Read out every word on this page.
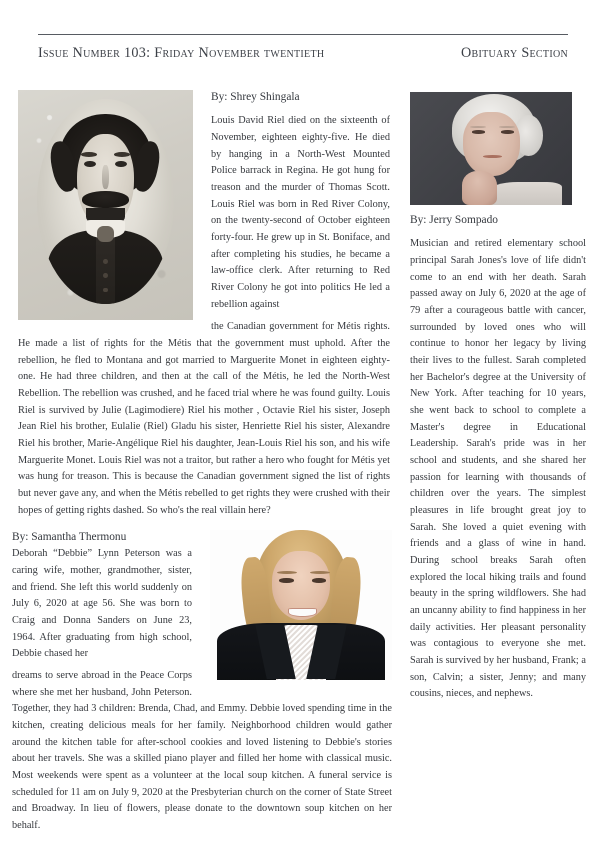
Issue Number 103: Friday November twentieth	Obituary Section

By: Shrey Shingala

Louis David Riel died on the sixteenth of November, eighteen eighty-five. He died by hanging in a North-West Mounted Police barrack in Regina. He got hung for treason and the murder of Thomas Scott. Louis Riel was born in Red River Colony, on the twenty-second of October eighteen forty-four. He grew up in St. Boniface, and after completing his studies, he became a law-office clerk. After returning to Red River Colony he got into politics He led a rebellion against

the Canadian government for Métis rights. He made a list of rights for the Métis that the government must uphold. After the rebellion, he fled to Montana and got married to Marguerite Monet in eighteen eighty-one. He had three children, and then at the call of the Métis, he led the North-West Rebellion. The rebellion was crushed, and he faced trial where he was found guilty. Louis Riel is survived by Julie (Lagimodiere) Riel his mother , Octavie Riel his sister, Joseph Jean Riel his brother, Eulalie (Riel) Gladu his sister, Henriette Riel his sister, Alexandre Riel his brother, Marie-Angélique Riel his daughter, Jean-Louis Riel his son, and his wife Marguerite Monet. Louis Riel was not a traitor, but rather a hero who fought for Métis yet was hung for treason. This is because the Canadian government signed the list of rights but never gave any, and when the Métis rebelled to get rights they were crushed with their hopes of getting rights dashed. So who's the real villain here?

By: Jerry Sompado

Musician and retired elementary school principal Sarah Jones's love of life didn't come to an end with her death. Sarah passed away on July 6, 2020 at the age of 79 after a courageous battle with cancer, surrounded by loved ones who will continue to honor her legacy by living their lives to the fullest. Sarah completed her Bachelor's degree at the University of New York. After teaching for 10 years, she went back to school to complete a Master's degree in Educational Leadership. Sarah's pride was in her school and students, and she shared her passion for learning with thousands of children over the years. The simplest pleasures in life brought great joy to Sarah. She loved a quiet evening with friends and a glass of wine in hand. During school breaks Sarah often explored the local hiking trails and found beauty in the spring wildflowers. She had an uncanny ability to find happiness in her daily activities. Her pleasant personality was contagious to everyone she met. Sarah is survived by her husband, Frank; a son, Calvin; a sister, Jenny; and many cousins, nieces, and nephews.

By: Samantha Thermonu

Deborah “Debbie” Lynn Peterson was a caring wife, mother, grandmother, sister, and friend. She left this world suddenly on July 6, 2020 at age 56. She was born to Craig and Donna Sanders on June 23, 1964. After graduating from high school, Debbie chased her

dreams to serve abroad in the Peace Corps where she met her husband, John Peterson. Together, they had 3 children: Brenda, Chad, and Emmy. Debbie loved spending time in the kitchen, creating delicious meals for her family. Neighborhood children would gather around the kitchen table for after-school cookies and loved listening to Debbie's stories about her travels. She was a skilled piano player and filled her home with classical music. Most weekends were spent as a volunteer at the local soup kitchen. A funeral service is scheduled for 11 am on July 9, 2020 at the Presbyterian church on the corner of State Street and Broadway. In lieu of flowers, please donate to the downtown soup kitchen on her behalf.
